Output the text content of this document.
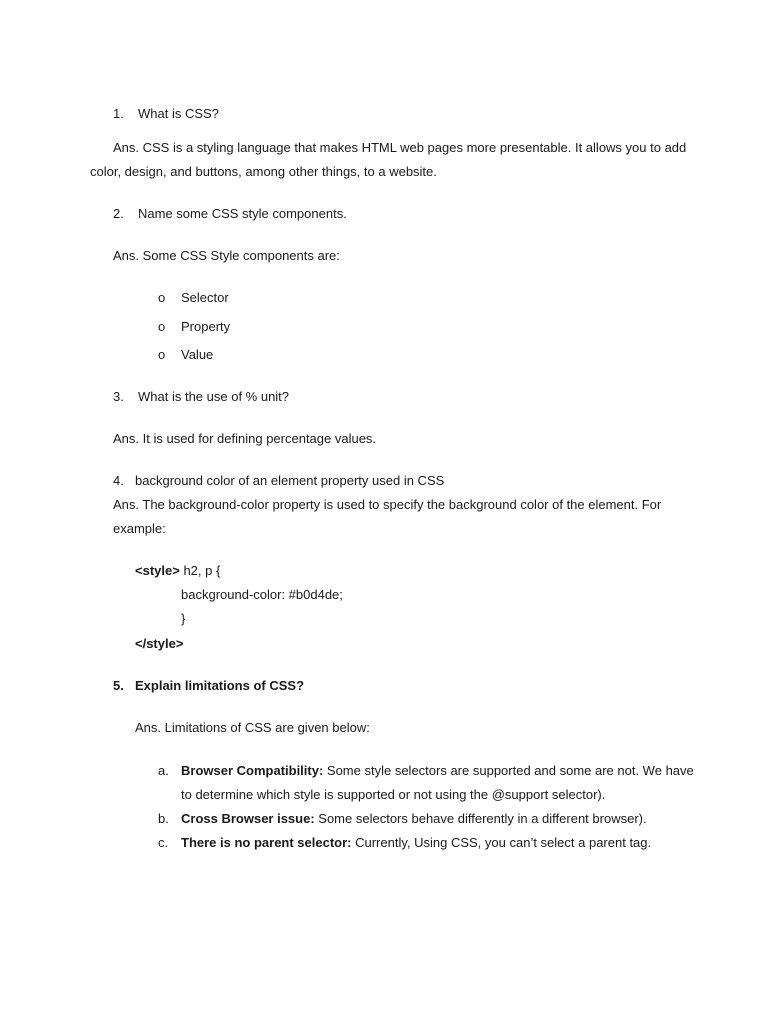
1.	What is CSS?
Ans. CSS is a styling language that makes HTML web pages more presentable. It allows you to add
color, design, and buttons, among other things, to a website.
2.	Name some CSS style components.
Ans. Some CSS Style components are:
o Selector
o Property
o Value
3.	What is the use of % unit?
Ans. It is used for defining percentage values.
4. background color of an element property used in CSS
Ans. The background-color property is used to specify the background color of the element. For
example:
<style> h2, p {
background-color: #b0d4de;
}
</style>
5. Explain limitations of CSS?
Ans. Limitations of CSS are given below:
a. Browser Compatibility: Some style selectors are supported and some are not. We have
to determine which style is supported or not using the @support selector).
b. Cross Browser issue: Some selectors behave differently in a different browser).
c. There is no parent selector: Currently, Using CSS, you can’t select a parent tag.
